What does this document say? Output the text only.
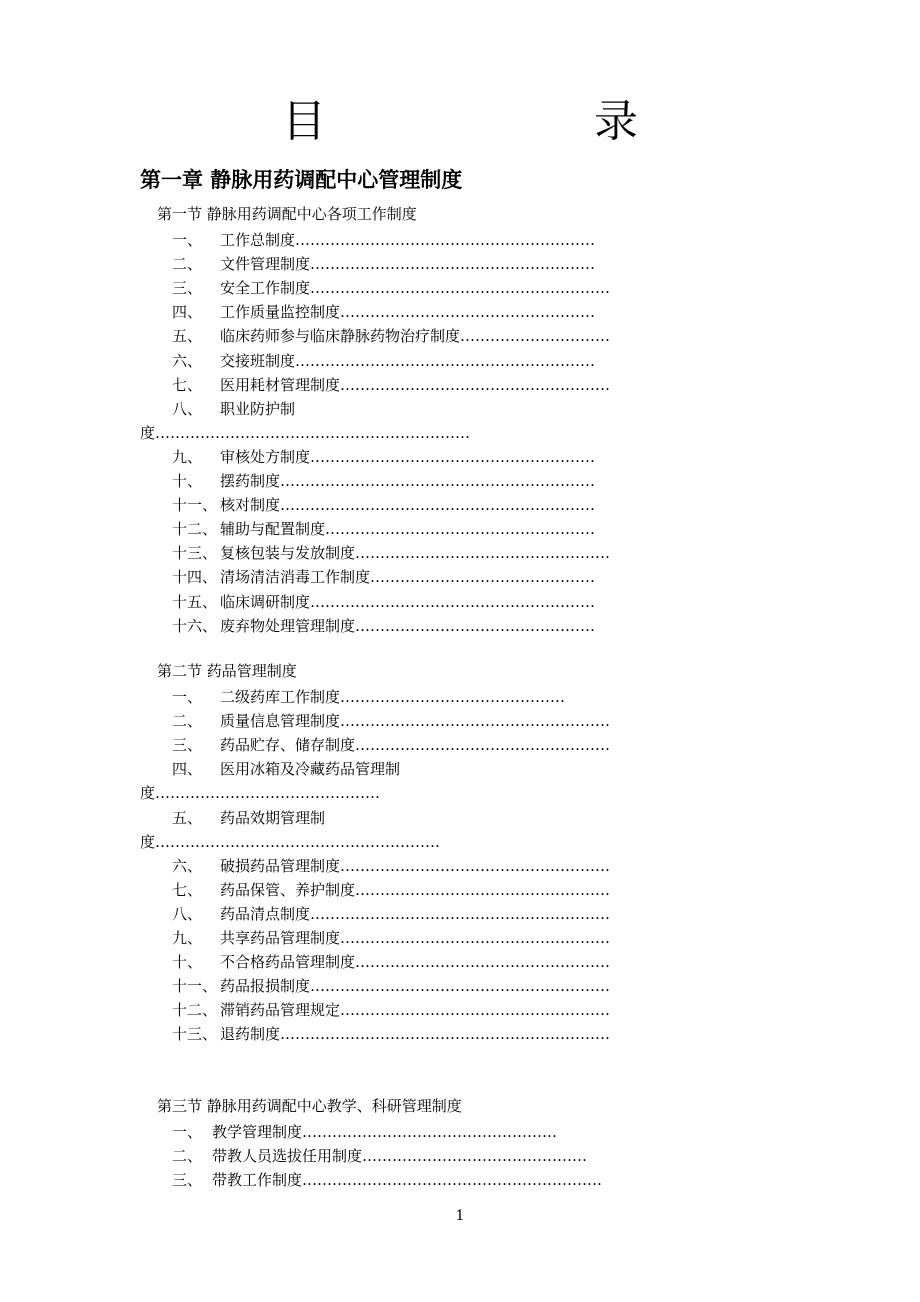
目　　录
第一章 静脉用药调配中心管理制度
第一节 静脉用药调配中心各项工作制度
一、 工作总制度……………………………………………………
二、 文件管理制度…………………………………………………
三、 安全工作制度……………………………………………………
四、 工作质量监控制度……………………………………………
五、 临床药师参与临床静脉药物治疗制度…………………………
六、 交接班制度……………………………………………………
七、 医用耗材管理制度………………………………………………
八、 职业防护制
度………………………………………………………
九、 审核处方制度…………………………………………………
十、 摆药制度………………………………………………………
十一、 核对制度………………………………………………………
十二、 辅助与配置制度………………………………………………
十三、 复核包装与发放制度……………………………………………
十四、 清场清洁消毒工作制度………………………………………
十五、 临床调研制度…………………………………………………
十六、 废弃物处理管理制度…………………………………………
第二节 药品管理制度
一、 二级药库工作制度………………………………………
二、 质量信息管理制度………………………………………………
三、 药品贮存、储存制度……………………………………………
四、 医用冰箱及冷藏药品管理制
度………………………………………
五、 药品效期管理制
度…………………………………………………
六、 破损药品管理制度………………………………………………
七、 药品保管、养护制度……………………………………………
八、 药品清点制度……………………………………………………
九、 共享药品管理制度………………………………………………
十、 不合格药品管理制度……………………………………………
十一、 药品报损制度……………………………………………………
十二、 滞销药品管理规定………………………………………………
十三、 退药制度…………………………………………………………
第三节 静脉用药调配中心教学、科研管理制度
一、 教学管理制度……………………………………………
二、 带教人员选拔任用制度………………………………………
三、 带教工作制度……………………………………………………
1
